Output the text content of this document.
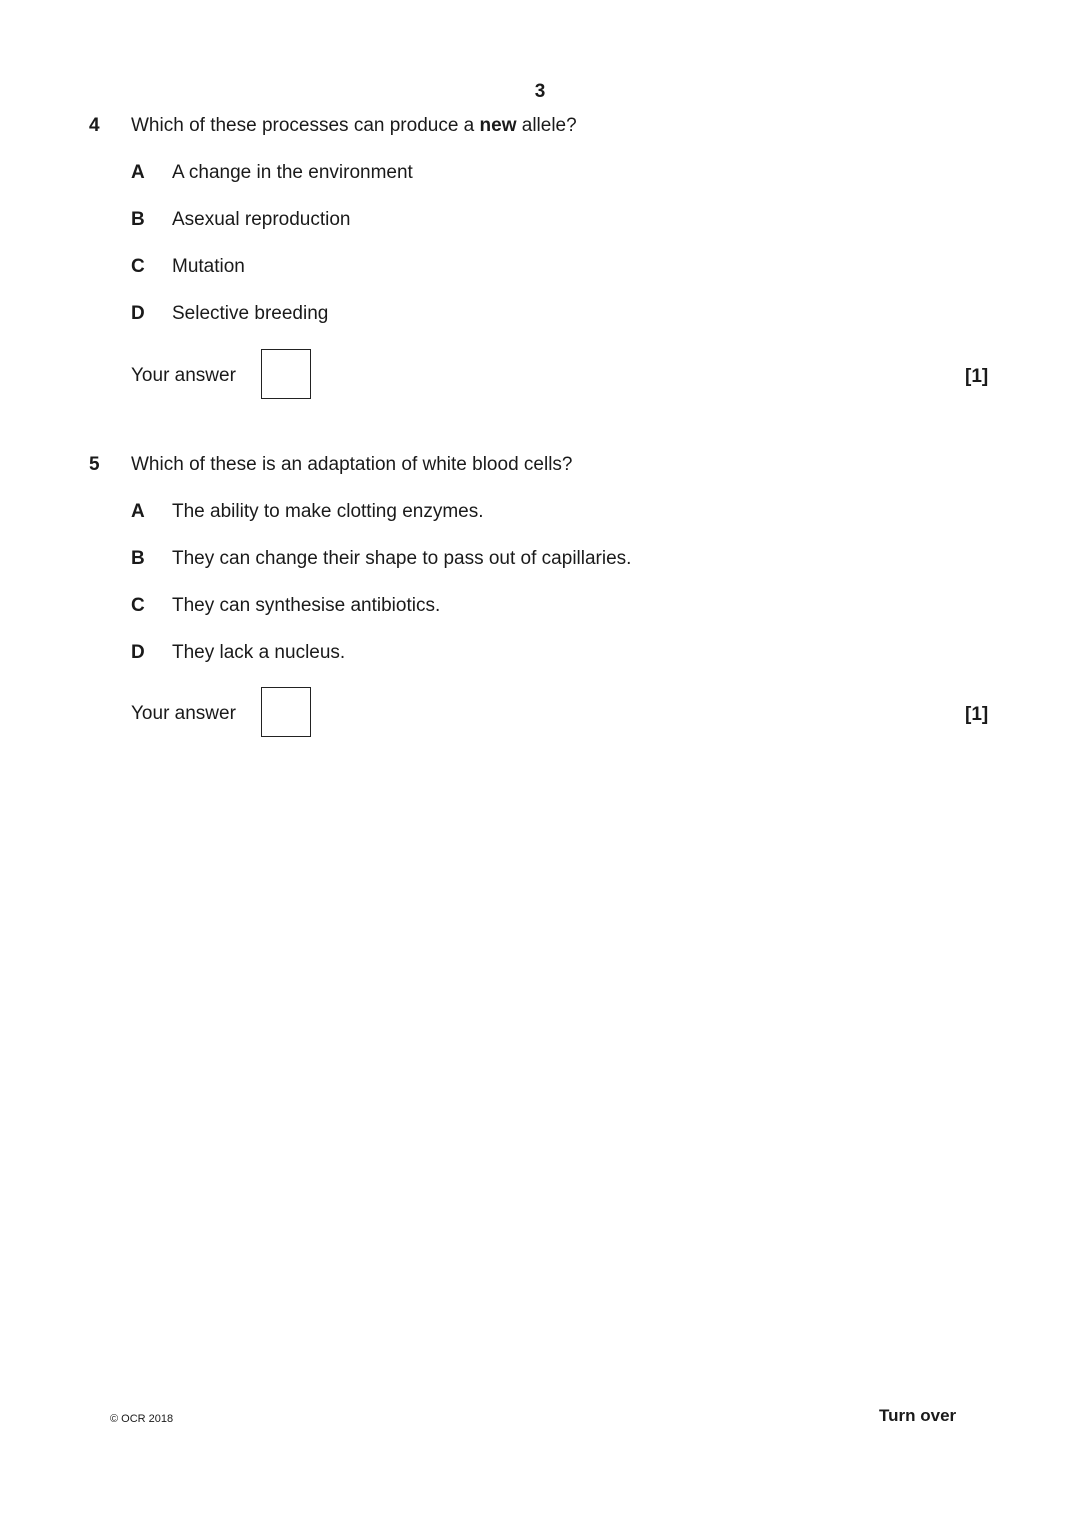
3
4 Which of these processes can produce a new allele?
A A change in the environment
B Asexual reproduction
C Mutation
D Selective breeding
Your answer	[1]
5 Which of these is an adaptation of white blood cells?
A The ability to make clotting enzymes.
B They can change their shape to pass out of capillaries.
C They can synthesise antibiotics.
D They lack a nucleus.
Your answer	[1]
© OCR 2018	Turn over
